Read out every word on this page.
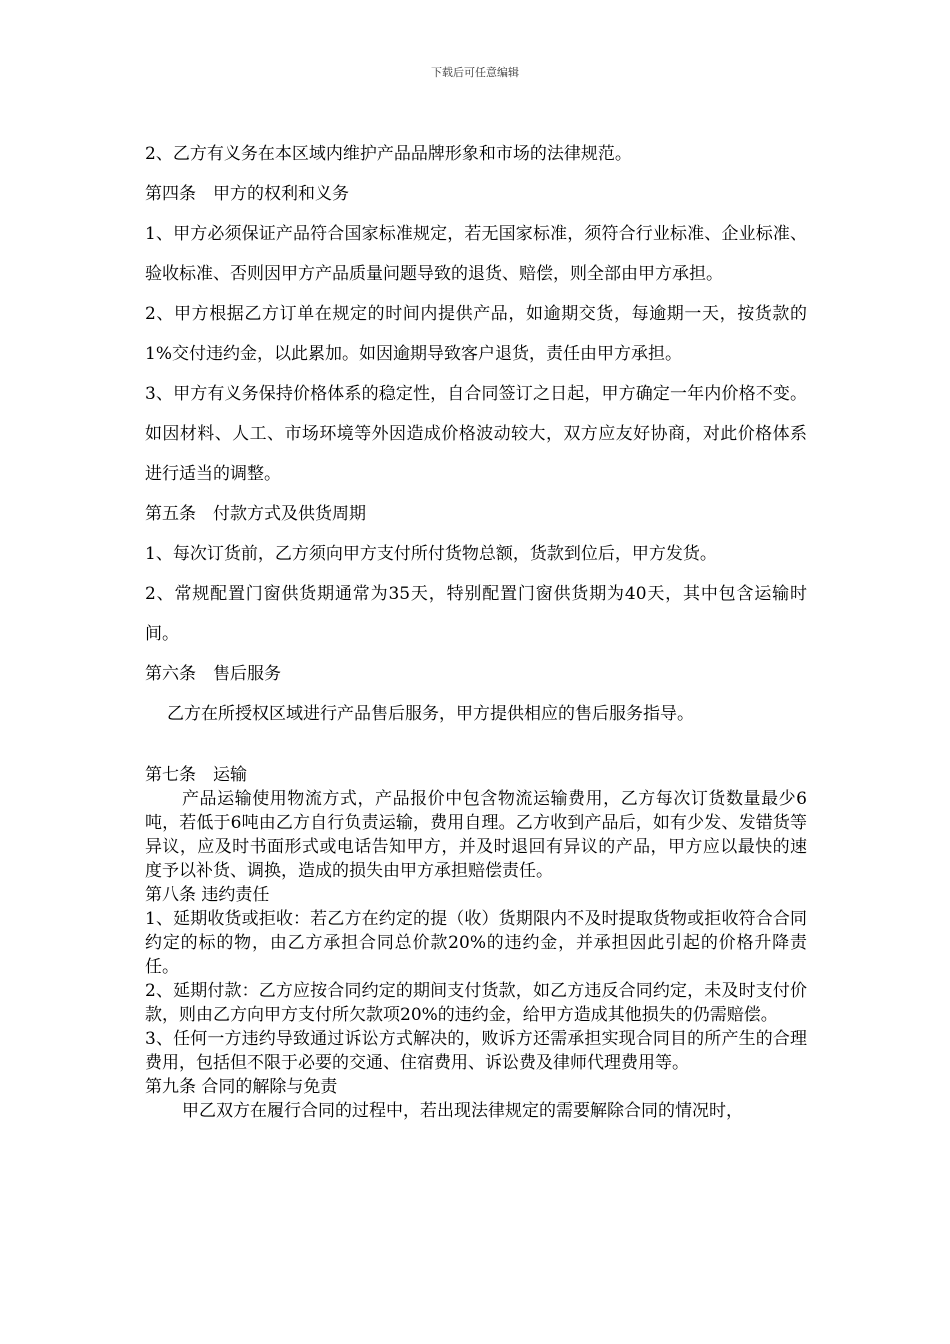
下载后可任意编辑

2、乙方有义务在本区域内维护产品品牌形象和市场的法律规范。

第四条　甲方的权利和义务

1、甲方必须保证产品符合国家标准规定，若无国家标准，须符合行业标准、企业标准、验收标准、否则因甲方产品质量问题导致的退货、赔偿，则全部由甲方承担。

2、甲方根据乙方订单在规定的时间内提供产品，如逾期交货，每逾期一天，按货款的1%交付违约金，以此累加。如因逾期导致客户退货，责任由甲方承担。

3、甲方有义务保持价格体系的稳定性，自合同签订之日起，甲方确定一年内价格不变。如因材料、人工、市场环境等外因造成价格波动较大，双方应友好协商，对此价格体系进行适当的调整。

第五条　付款方式及供货周期

1、每次订货前，乙方须向甲方支付所付货物总额，货款到位后，甲方发货。

2、常规配置门窗供货期通常为35天，特别配置门窗供货期为40天，其中包含运输时间。

第六条　售后服务

乙方在所授权区域进行产品售后服务，甲方提供相应的售后服务指导。

第七条　运输

产品运输使用物流方式，产品报价中包含物流运输费用，乙方每次订货数量最少6吨，若低于6吨由乙方自行负责运输，费用自理。乙方收到产品后，如有少发、发错货等异议，应及时书面形式或电话告知甲方，并及时退回有异议的产品，甲方应以最快的速度予以补货、调换，造成的损失由甲方承担赔偿责任。

第八条 违约责任

1、延期收货或拒收：若乙方在约定的提（收）货期限内不及时提取货物或拒收符合合同约定的标的物，由乙方承担合同总价款20%的违约金，并承担因此引起的价格升降责任。

2、延期付款：乙方应按合同约定的期间支付货款，如乙方违反合同约定，未及时支付价款，则由乙方向甲方支付所欠款项20%的违约金，给甲方造成其他损失的仍需赔偿。

3、任何一方违约导致通过诉讼方式解决的，败诉方还需承担实现合同目的所产生的合理费用，包括但不限于必要的交通、住宿费用、诉讼费及律师代理费用等。

第九条 合同的解除与免责

甲乙双方在履行合同的过程中，若出现法律规定的需要解除合同的情况时，
